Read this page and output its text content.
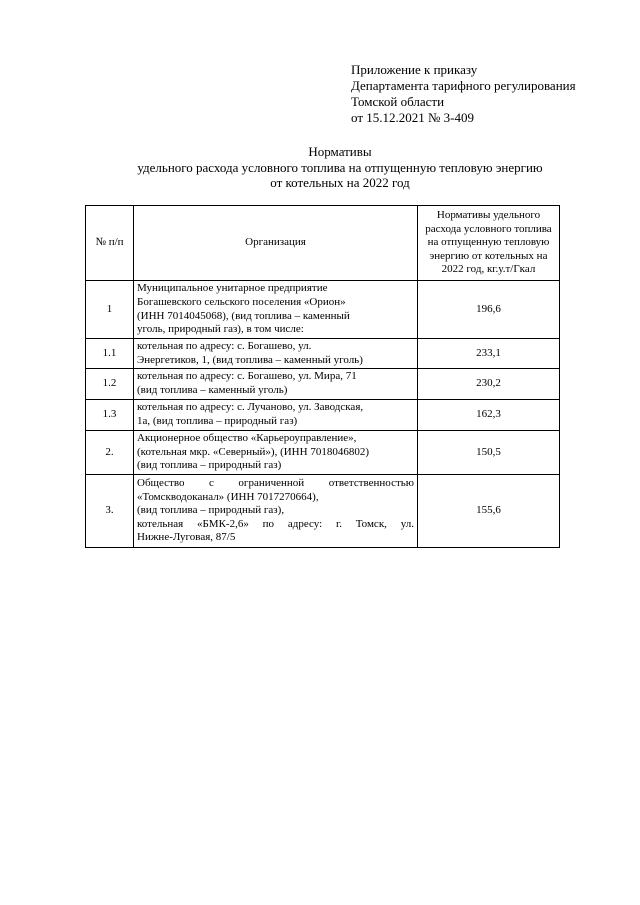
Приложение к приказу
Департамента тарифного регулирования
Томской области
от 15.12.2021 № 3-409
Нормативы
удельного расхода условного топлива на отпущенную тепловую энергию
от котельных на 2022 год
№ п/п	Организация	Нормативы удельного
расхода условного топлива
на отпущенную тепловую
энергию от котельных на
2022 год, кг.у.т/Гкал

1	Муниципальное унитарное предприятие
Богашевского сельского поселения «Орион»
(ИНН 7014045068), (вид топлива – каменный
уголь, природный газ), в том числе:	196,6
1.1	котельная по адресу: с. Богашево, ул.
Энергетиков, 1, (вид топлива – каменный уголь)	233,1
1.2	котельная по адресу: с. Богашево, ул. Мира, 71
(вид топлива – каменный уголь)	230,2
1.3	котельная по адресу: с. Лучаново, ул. Заводская,
1а, (вид топлива – природный газ)	162,3
2.	Акционерное общество «Карьероуправление»,
(котельная мкр. «Северный»), (ИНН 7018046802)
(вид топлива – природный газ)	150,5
3.	Общество с ограниченной ответственностью
«Томскводоканал» (ИНН 7017270664),
(вид топлива – природный газ),
котельная «БМК-2,6» по адресу: г. Томск, ул.
Нижне-Луговая, 87/5	155,6
